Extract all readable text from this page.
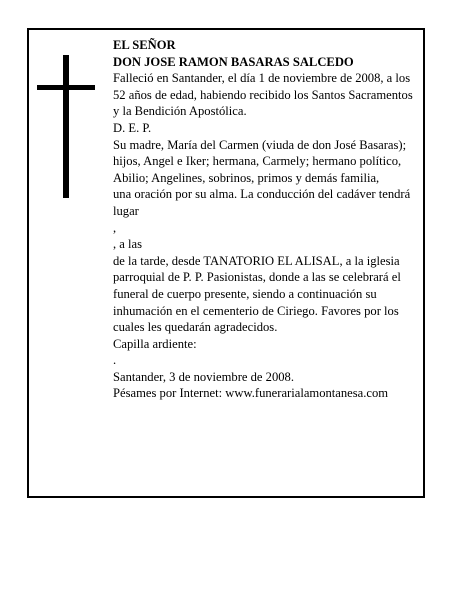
EL SEÑOR

DON JOSE RAMON BASARAS SALCEDO

Falleció en Santander, el día 1 de noviembre de 2008, a los 52 años de edad, habiendo recibido los Santos Sacramentos y la Bendición Apostólica.

D. E. P.

Su madre, María del Carmen (viuda de don José Basaras); hijos, Angel e Iker; hermana, Carmely; hermano político, Abilio; Angelines, sobrinos, primos y demás familia,

una oración por su alma. La conducción del cadáver tendrá lugar

,

, a las

de la tarde, desde TANATORIO EL ALISAL, a la iglesia parroquial de P. P. Pasionistas, donde a las se celebrará el funeral de cuerpo presente, siendo a continuación su inhumación en el cementerio de Ciriego. Favores por los cuales les quedarán agradecidos.

Capilla ardiente:

.

Santander, 3 de noviembre de 2008.

Pésames por Internet: www.funerarialamontanesa.com
